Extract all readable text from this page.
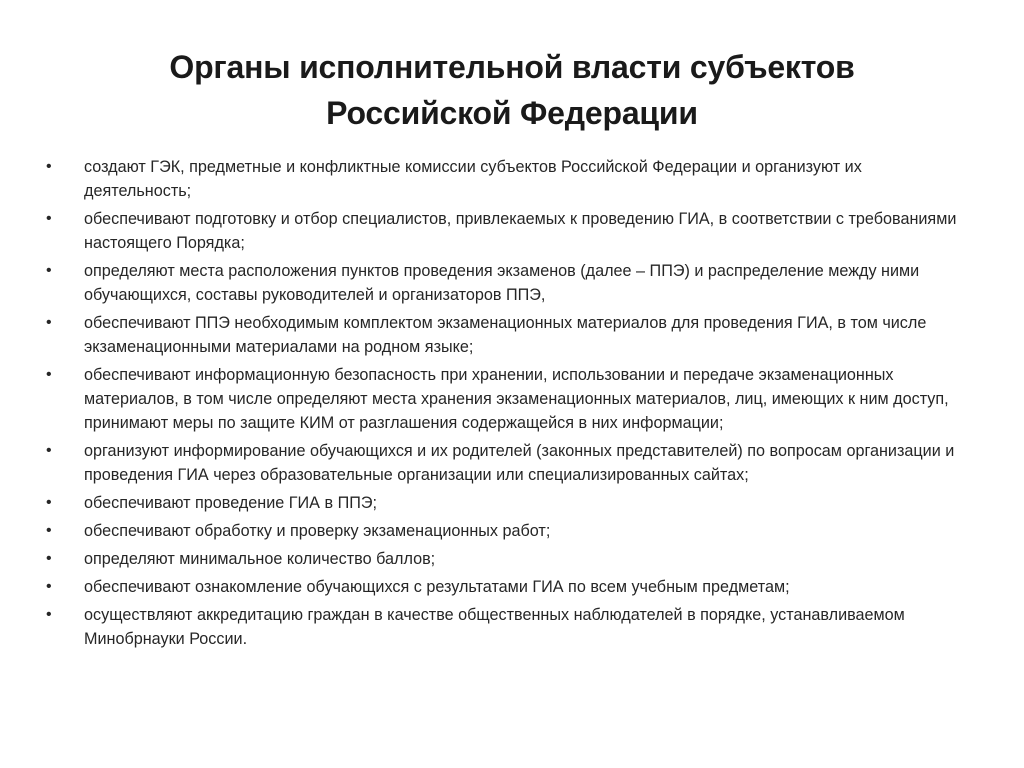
Органы исполнительной власти субъектов
Российской Федерации
•	создают ГЭК, предметные и конфликтные комиссии субъектов Российской Федерации и организуют их деятельность;
•	обеспечивают подготовку и отбор специалистов, привлекаемых к проведению ГИА, в соответствии с требованиями настоящего Порядка;
•	определяют места расположения пунктов проведения экзаменов (далее – ППЭ) и распределение между ними обучающихся, составы руководителей и организаторов ППЭ,
•	обеспечивают ППЭ необходимым комплектом экзаменационных материалов для проведения ГИА, в том числе экзаменационными материалами на родном языке;
•	обеспечивают информационную безопасность при хранении, использовании и передаче экзаменационных материалов, в том числе определяют места хранения экзаменационных материалов, лиц, имеющих к ним доступ, принимают меры по защите КИМ от разглашения содержащейся в них информации;
•	организуют информирование обучающихся и их родителей (законных представителей) по вопросам организации и проведения ГИА через образовательные организации или специализированных сайтах;
•	обеспечивают проведение ГИА в ППЭ;
•	обеспечивают обработку и проверку экзаменационных работ;
•	определяют минимальное количество баллов;
•	обеспечивают ознакомление обучающихся с результатами ГИА по всем учебным предметам;
•	осуществляют аккредитацию граждан в качестве общественных наблюдателей в порядке, устанавливаемом Минобрнауки России.
